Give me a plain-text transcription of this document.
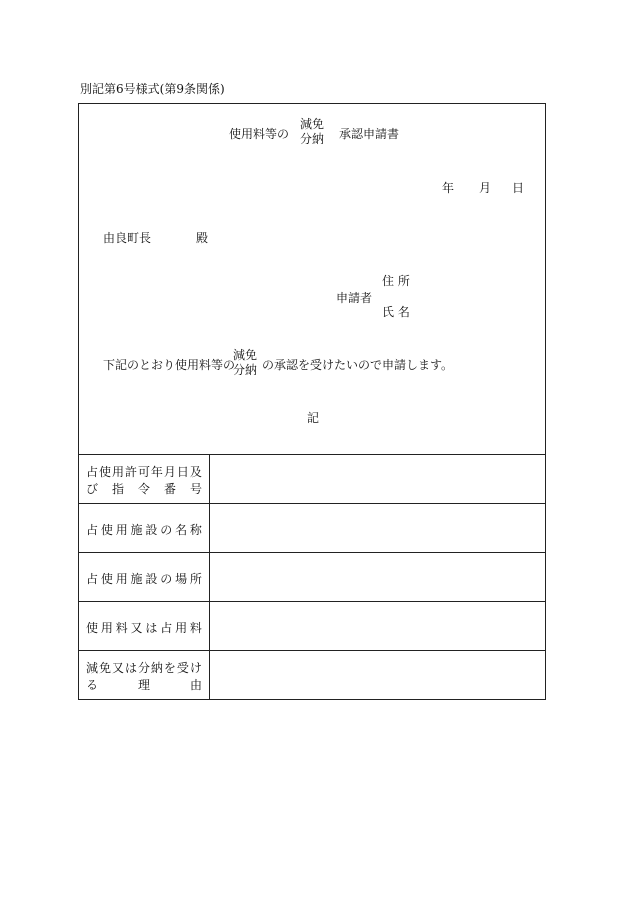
別記第6号様式(第9条関係)
使用料等の
減免
分納 承認申請書
年 月 日
由良町長	殿
住 所
申請者
氏 名
下記のとおり使用料等の
減免
分納 の承認を受けたいので申請します。
記
占 使 用 許 可 年 月 日 及
び 指 令 番 号
占 使 用 施 設 の 名 称
占 使 用 施 設 の 場 所
使 用 料 又 は 占 用 料
減 免 又 は 分 納 を 受 け
る	理	由
